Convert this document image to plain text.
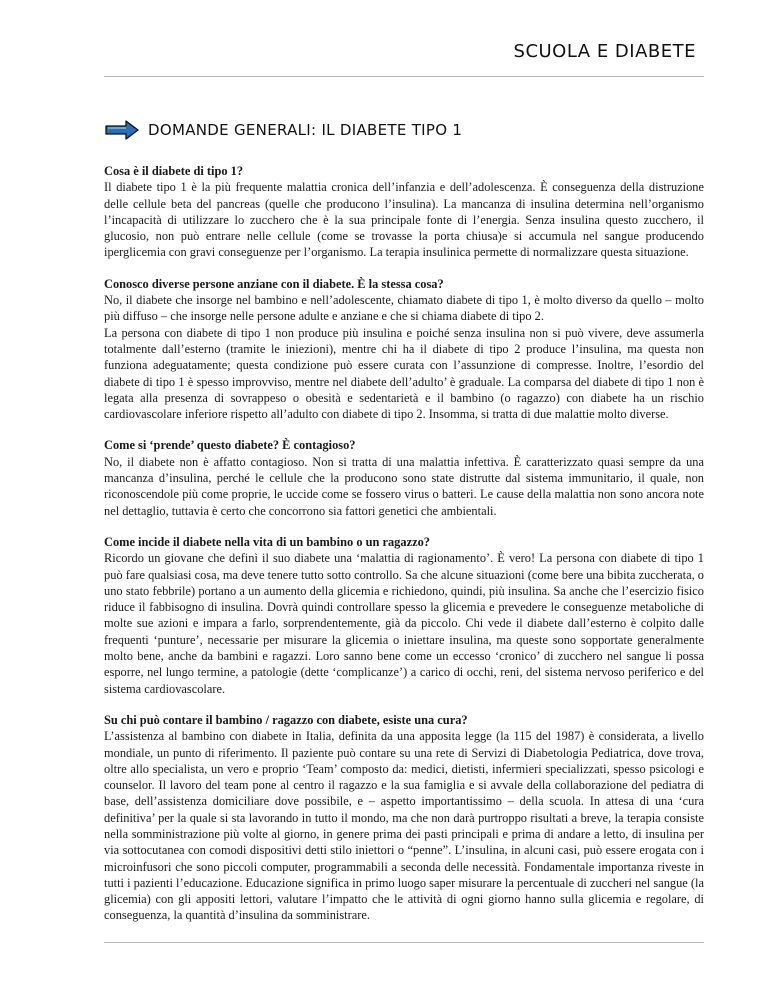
SCUOLA E DIABETE
DOMANDE GENERALI: IL DIABETE TIPO 1

Cosa è il diabete di tipo 1?

Il diabete tipo 1 è la più frequente malattia cronica dell’infanzia e dell’adolescenza. È conseguenza della distruzione delle cellule beta del pancreas (quelle che producono l’insulina). La mancanza di insulina determina nell’organismo l’incapacità di utilizzare lo zucchero che è la sua principale fonte di l’energia. Senza insulina questo zucchero, il glucosio, non può entrare nelle cellule (come se trovasse la porta chiusa)e si accumula nel sangue producendo iperglicemia con gravi conseguenze per l’organismo. La terapia insulinica permette di normalizzare questa situazione.

Conosco diverse persone anziane con il diabete. È la stessa cosa?

No, il diabete che insorge nel bambino e nell’adolescente, chiamato diabete di tipo 1, è molto diverso da quello – molto più diffuso – che insorge nelle persone adulte e anziane e che si chiama diabete di tipo 2.

La persona con diabete di tipo 1 non produce più insulina e poiché senza insulina non si può vivere, deve assumerla totalmente dall’esterno (tramite le iniezioni), mentre chi ha il diabete di tipo 2 produce l’insulina, ma questa non funziona adeguatamente; questa condizione può essere curata con l’assunzione di compresse. Inoltre, l’esordio del diabete di tipo 1 è spesso improvviso, mentre nel diabete dell’adulto’ è graduale. La comparsa del diabete di tipo 1 non è legata alla presenza di sovrappeso o obesità e sedentarietà e il bambino (o ragazzo) con diabete ha un rischio cardiovascolare inferiore rispetto all’adulto con diabete di tipo 2. Insomma, si tratta di due malattie molto diverse.

Come si ‘prende’ questo diabete? È contagioso?

No, il diabete non è affatto contagioso. Non si tratta di una malattia infettiva. È caratterizzato quasi sempre da una mancanza d’insulina, perché le cellule che la producono sono state distrutte dal sistema immunitario, il quale, non riconoscendole più come proprie, le uccide come se fossero virus o batteri. Le cause della malattia non sono ancora note nel dettaglio, tuttavia è certo che concorrono sia fattori genetici che ambientali.

Come incide il diabete nella vita di un bambino o un ragazzo?

Ricordo un giovane che definì il suo diabete una ‘malattia di ragionamento’. È vero! La persona con diabete di tipo 1 può fare qualsiasi cosa, ma deve tenere tutto sotto controllo. Sa che alcune situazioni (come bere una bibita zuccherata, o uno stato febbrile) portano a un aumento della glicemia e richiedono, quindi, più insulina. Sa anche che l’esercizio fisico riduce il fabbisogno di insulina. Dovrà quindi controllare spesso la glicemia e prevedere le conseguenze metaboliche di molte sue azioni e impara a farlo, sorprendentemente, già da piccolo. Chi vede il diabete dall’esterno è colpito dalle frequenti ‘punture’, necessarie per misurare la glicemia o iniettare insulina, ma queste sono sopportate generalmente molto bene, anche da bambini e ragazzi. Loro sanno bene come un eccesso ‘cronico’ di zucchero nel sangue li possa esporre, nel lungo termine, a patologie (dette ‘complicanze’) a carico di occhi, reni, del sistema nervoso periferico e del sistema cardiovascolare.

Su chi può contare il bambino / ragazzo con diabete, esiste una cura?

L’assistenza al bambino con diabete in Italia, definita da una apposita legge (la 115 del 1987) è considerata, a livello mondiale, un punto di riferimento. Il paziente può contare su una rete di Servizi di Diabetologia Pediatrica, dove trova, oltre allo specialista, un vero e proprio ‘Team’ composto da: medici, dietisti, infermieri specializzati, spesso psicologi e counselor. Il lavoro del team pone al centro il ragazzo e la sua famiglia e si avvale della collaborazione del pediatra di base, dell’assistenza domiciliare dove possibile, e – aspetto importantissimo – della scuola. In attesa di una ‘cura definitiva’ per la quale si sta lavorando in tutto il mondo, ma che non darà purtroppo risultati a breve, la terapia consiste nella somministrazione più volte al giorno, in genere prima dei pasti principali e prima di andare a letto, di insulina per via sottocutanea con comodi dispositivi detti stilo iniettori o “penne”. L’insulina, in alcuni casi, può essere erogata con i microinfusori che sono piccoli computer, programmabili a seconda delle necessità. Fondamentale importanza riveste in tutti i pazienti l’educazione. Educazione significa in primo luogo saper misurare la percentuale di zuccheri nel sangue (la glicemia) con gli appositi lettori, valutare l’impatto che le attività di ogni giorno hanno sulla glicemia e regolare, di conseguenza, la quantità d’insulina da somministrare.
